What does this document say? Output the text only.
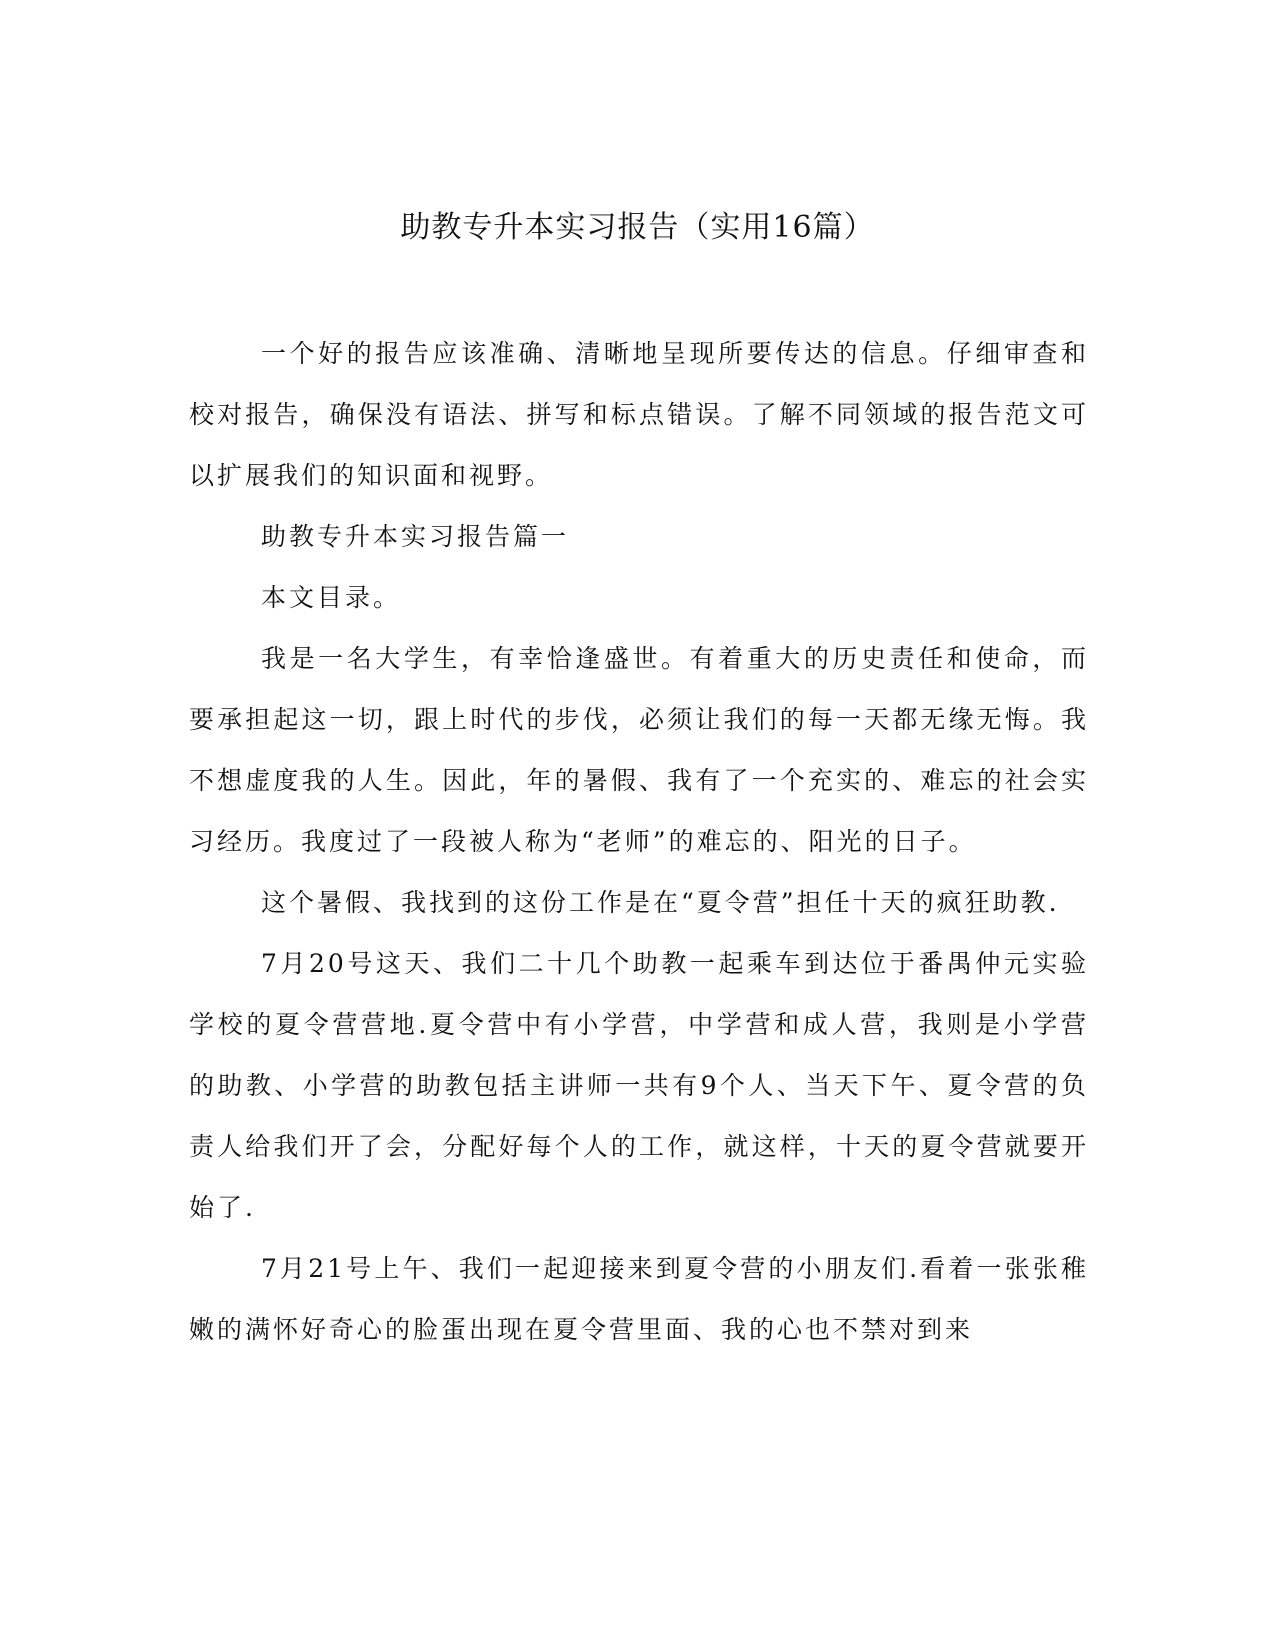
助教专升本实习报告（实用16篇）

一个好的报告应该准确、清晰地呈现所要传达的信息。仔细审查和校对报告，确保没有语法、拼写和标点错误。了解不同领域的报告范文可以扩展我们的知识面和视野。

助教专升本实习报告篇一

本文目录。

我是一名大学生，有幸恰逢盛世。有着重大的历史责任和使命，而要承担起这一切，跟上时代的步伐，必须让我们的每一天都无缘无悔。我不想虚度我的人生。因此，年的暑假、我有了一个充实的、难忘的社会实习经历。我度过了一段被人称为“老师”的难忘的、阳光的日子。

这个暑假、我找到的这份工作是在“夏令营”担任十天的疯狂助教.

7月20号这天、我们二十几个助教一起乘车到达位于番禺仲元实验学校的夏令营营地.夏令营中有小学营，中学营和成人营，我则是小学营的助教、小学营的助教包括主讲师一共有9个人、当天下午、夏令营的负责人给我们开了会，分配好每个人的工作，就这样，十天的夏令营就要开始了.

7月21号上午、我们一起迎接来到夏令营的小朋友们.看着一张张稚嫩的满怀好奇心的脸蛋出现在夏令营里面、我的心也不禁对到来
